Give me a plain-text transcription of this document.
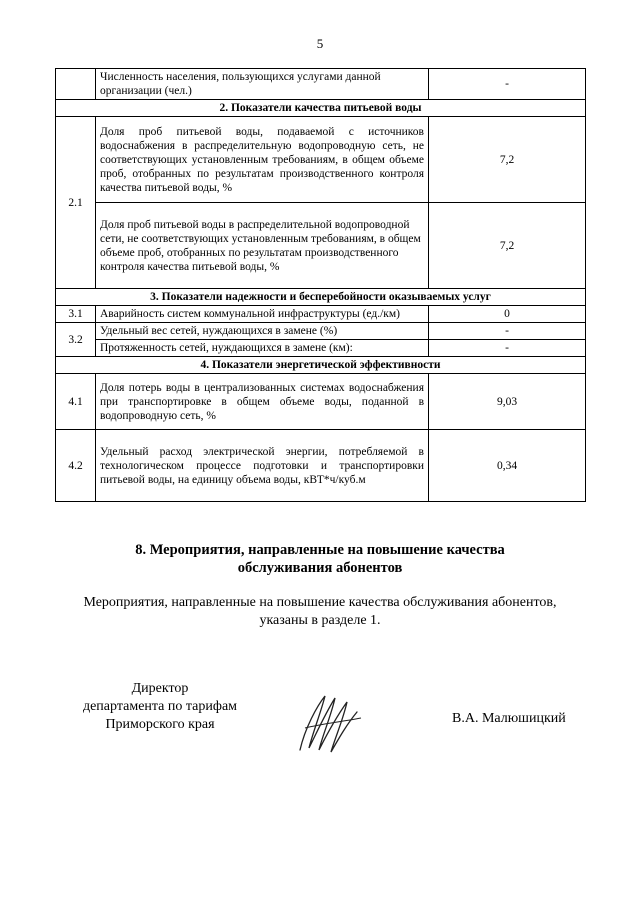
5
	Численность населения, пользующихся услугами данной организации (чел.)	-
2. Показатели качества питьевой воды		
2.1	Доля проб питьевой воды, подаваемой с источников водоснабжения в распределительную водопроводную сеть, не соответствующих установленным требованиям, в общем объеме проб, отобранных по результатам производственного контроля качества питьевой воды, %	7,2
	Доля проб питьевой воды в распределительной водопроводной сети, не соответствующих установленным требованиям, в общем объеме проб, отобранных по результатам производственного контроля качества питьевой воды, %	7,2
3. Показатели надежности и бесперебойности оказываемых услуг		
3.1	Аварийность систем коммунальной инфраструктуры (ед./км)	0
3.2	Удельный вес сетей, нуждающихся в замене (%)	-
	Протяженность сетей, нуждающихся в замене (км):	-
4. Показатели энергетической эффективности		
4.1	Доля потерь воды в централизованных системах водоснабжения при транспортировке в общем объеме воды, поданной в водопроводную сеть, %	9,03
4.2	Удельный расход электрической энергии, потребляемой в технологическом процессе подготовки и транспортировки питьевой воды, на единицу объема воды, кВТ*ч/куб.м	0,34
8. Мероприятия, направленные на повышение качества
обслуживания абонентов
Мероприятия, направленные на повышение качества обслуживания абонентов, указаны в разделе 1.
Директор
департамента по тарифам
Приморского края	В.А. Малюшицкий
